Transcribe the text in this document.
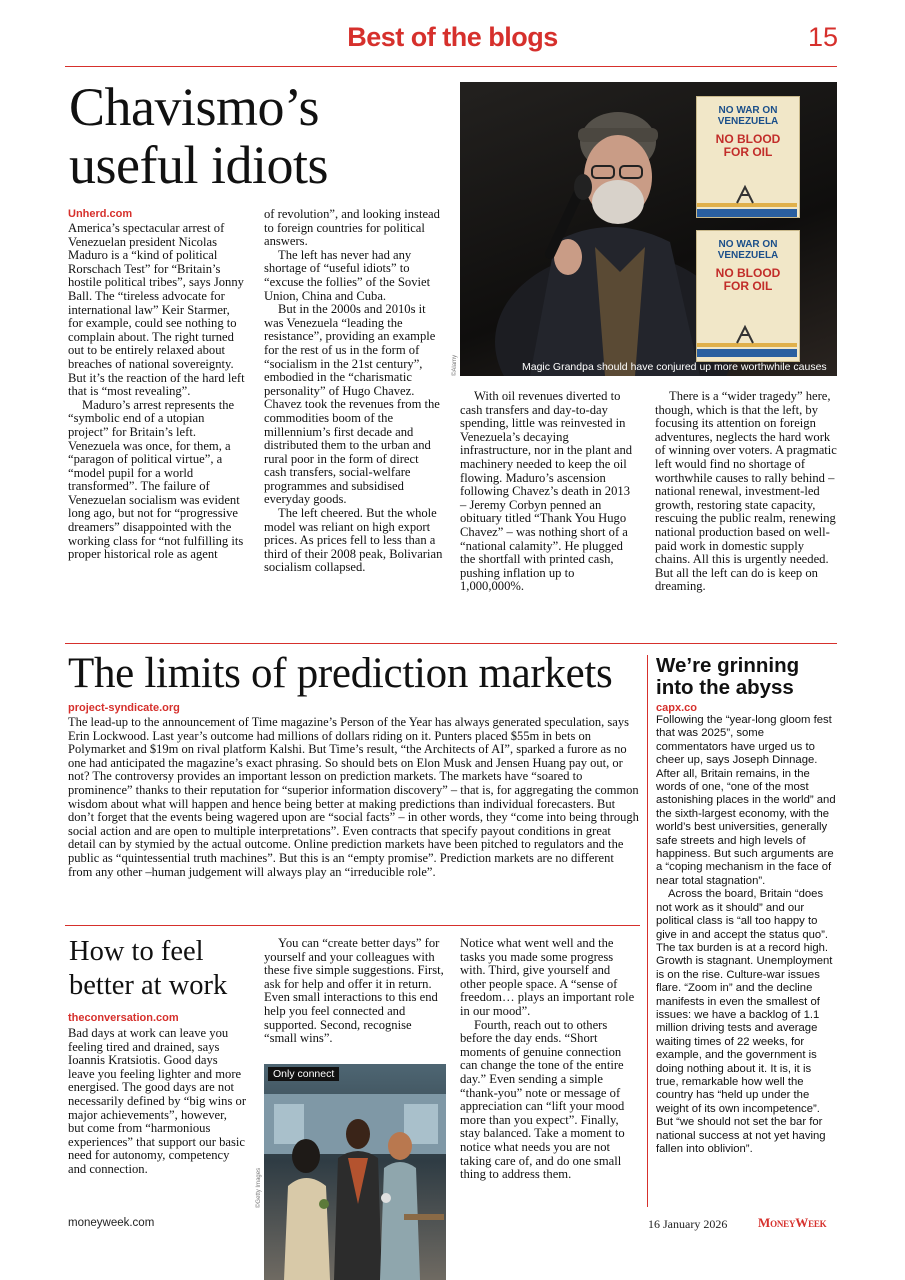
Best of the blogs	15
Chavismo’s useful idiots
Unherd.com

America’s spectacular arrest of Venezuelan president Nicolas Maduro is a “kind of political Rorschach Test” for “Britain’s hostile political tribes”, says Jonny Ball. The “tireless advocate for international law” Keir Starmer, for example, could see nothing to complain about. The right turned out to be entirely relaxed about breaches of national sovereignty. But it’s the reaction of the hard left that is “most revealing”.

Maduro’s arrest represents the “symbolic end of a utopian project” for Britain’s left. Venezuela was once, for them, a “paragon of political virtue”, a “model pupil for a world transformed”. The failure of Venezuelan socialism was evident long ago, but not for “progressive dreamers” disappointed with the working class for “not fulfilling its proper historical role as agent

of revolution”, and looking instead to foreign countries for political answers.

The left has never had any shortage of “useful idiots” to “excuse the follies” of the Soviet Union, China and Cuba.

But in the 2000s and 2010s it was Venezuela “leading the resistance”, providing an example for the rest of us in the form of “socialism in the 21st century”, embodied in the “charismatic personality” of Hugo Chavez. Chavez took the revenues from the commodities boom of the millennium’s first decade and distributed them to the urban and rural poor in the form of direct cash transfers, social-welfare programmes and subsidised everyday goods.

The left cheered. But the whole model was reliant on high export prices. As prices fell to less than a third of their 2008 peak, Bolivarian socialism collapsed.

NO WAR ON VENEZUELA
NO BLOOD FOR OIL
NO WAR ON VENEZUELA
NO BLOOD FOR OIL
Magic Grandpa should have conjured up more worthwhile causes
©Alamy

With oil revenues diverted to cash transfers and day-to-day spending, little was reinvested in Venezuela’s decaying infrastructure, nor in the plant and machinery needed to keep the oil flowing. Maduro’s ascension following Chavez’s death in 2013 – Jeremy Corbyn penned an obituary titled “Thank You Hugo Chavez” – was nothing short of a “national calamity”. He plugged the shortfall with printed cash, pushing inflation up to 1,000,000%.

There is a “wider tragedy” here, though, which is that the left, by focusing its attention on foreign adventures, neglects the hard work of winning over voters. A pragmatic left would find no shortage of worthwhile causes to rally behind –national renewal, investment-led growth, restoring state capacity, rescuing the public realm, renewing national production based on well-paid work in domestic supply chains. All this is urgently needed. But all the left can do is keep on dreaming.

The limits of prediction markets
project-syndicate.org

The lead-up to the announcement of Time magazine’s Person of the Year has always generated speculation, says Erin Lockwood. Last year’s outcome had millions of dollars riding on it. Punters placed $55m in bets on Polymarket and $19m on rival platform Kalshi. But Time’s result, “the Architects of AI”, sparked a furore as no one had anticipated the magazine’s exact phrasing. So should bets on Elon Musk and Jensen Huang pay out, or not? The controversy provides an important lesson on prediction markets. The markets have “soared to prominence” thanks to their reputation for “superior information discovery” – that is, for aggregating the common wisdom about what will happen and hence being better at making predictions than individual forecasters. But don’t forget that the events being wagered upon are “social facts” – in other words, they “come into being through social action and are open to multiple interpretations”. Even contracts that specify payout conditions in great detail can by stymied by the actual outcome. Online prediction markets have been pitched to regulators and the public as “quintessential truth machines”. But this is an “empty promise”. Prediction markets are no different from any other –human judgement will always play an “irreducible role”.

We’re grinning into the abyss
capx.co

Following the “year-long gloom fest that was 2025”, some commentators have urged us to cheer up, says Joseph Dinnage. After all, Britain remains, in the words of one, “one of the most astonishing places in the world” and the sixth-largest economy, with the world’s best universities, generally safe streets and high levels of happiness. But such arguments are a “coping mechanism in the face of near total stagnation”.

Across the board, Britain “does not work as it should” and our political class is “all too happy to give in and accept the status quo”. The tax burden is at a record high. Growth is stagnant. Unemployment is on the rise. Culture-war issues flare. “Zoom in” and the decline manifests in even the smallest of issues: we have a backlog of 1.1 million driving tests and average waiting times of 22 weeks, for example, and the government is doing nothing about it. It is, it is true, remarkable how well the country has “held up under the weight of its own incompetence”. But “we should not set the bar for national success at not yet having fallen into oblivion”.

How to feel better at work
theconversation.com

Bad days at work can leave you feeling tired and drained, says Ioannis Kratsiotis. Good days leave you feeling lighter and more energised. The good days are not necessarily defined by “big wins or major achievements”, however, but come from “harmonious experiences” that support our basic need for autonomy, competency and connection.

You can “create better days” for yourself and your colleagues with these five simple suggestions. First, ask for help and offer it in return. Even small interactions to this end help you feel connected and supported. Second, recognise “small wins”.

Only connect
©Getty Images

Notice what went well and the tasks you made some progress with. Third, give yourself and other people space. A “sense of freedom… plays an important role in our mood”.

Fourth, reach out to others before the day ends. “Short moments of genuine connection can change the tone of the entire day.” Even sending a simple “thank-you” note or message of appreciation can “lift your mood more than you expect”. Finally, stay balanced. Take a moment to notice what needs you are not taking care of, and do one small thing to address them.

moneyweek.com	16 January 2026 MoneyWeek
